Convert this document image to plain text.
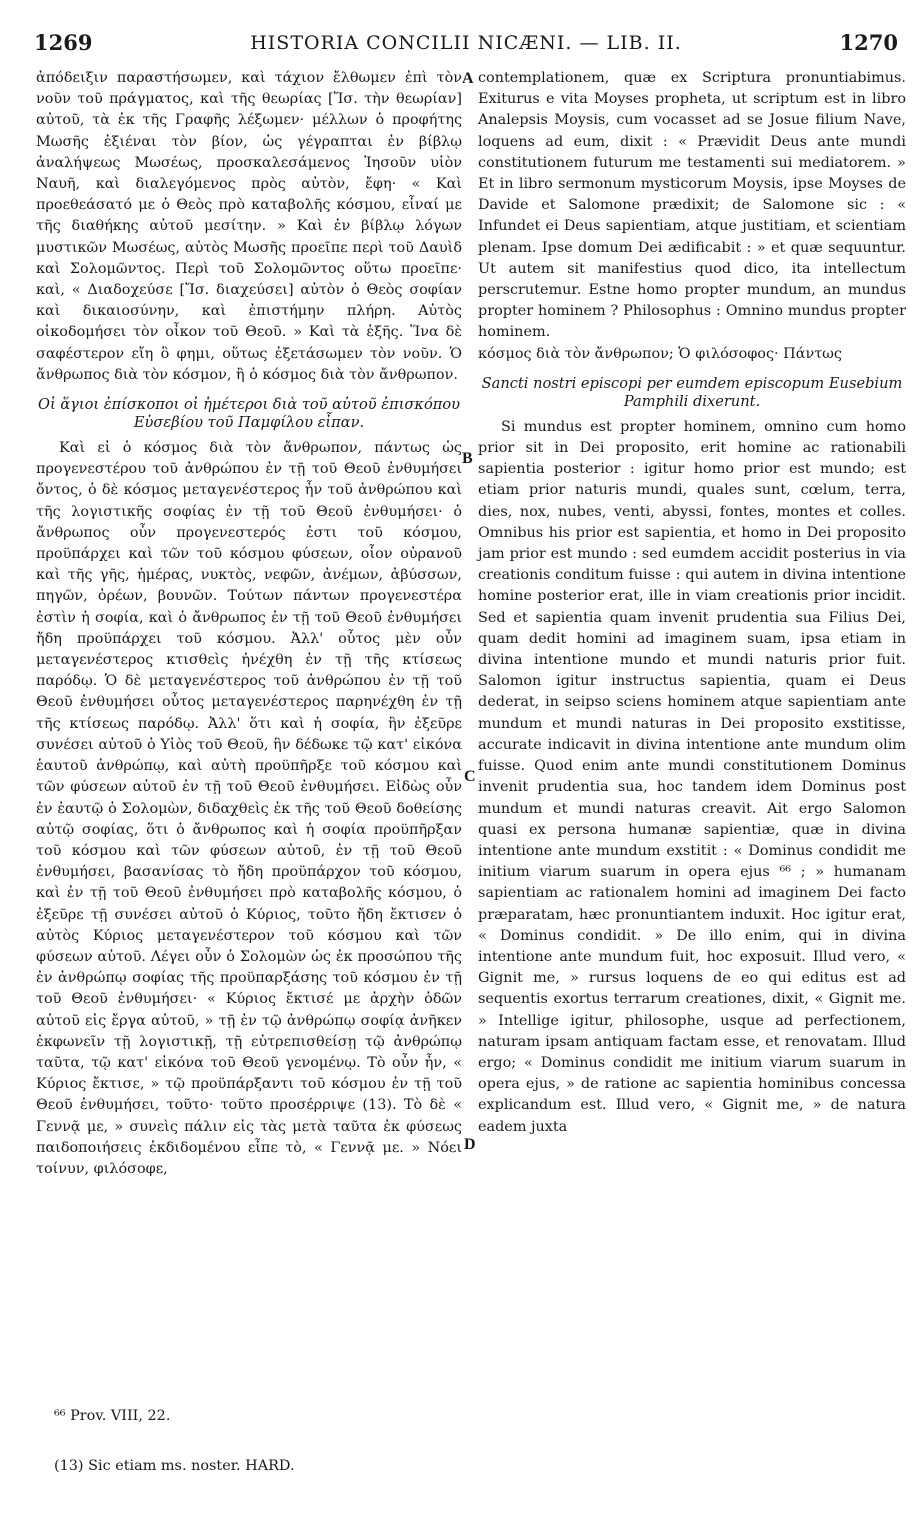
1269	HISTORIA CONCILII NICÆNI. — LIB. II.	1270

ἀπόδειξιν παραστήσωμεν, καὶ τάχιον ἔλθωμεν ἐπὶ τὸν νοῦν τοῦ πράγματος, καὶ τῆς θεωρίας [Ἴσ. τὴν θεωρίαν] αὐτοῦ, τὰ ἐκ τῆς Γραφῆς λέξωμεν· μέλλων ὁ προφήτης Μωσῆς ἐξιέναι τὸν βίον, ὡς γέγραπται ἐν βίβλῳ ἀναλήψεως Μωσέως, προσκαλεσάμενος Ἰησοῦν υἱὸν Ναυῆ, καὶ διαλεγόμενος πρὸς αὐτὸν, ἔφη· « Καὶ προεθεάσατό με ὁ Θεὸς πρὸ καταβολῆς κόσμου, εἶναί με τῆς διαθήκης αὐτοῦ μεσίτην. » Καὶ ἐν βίβλῳ λόγων μυστικῶν Μωσέως, αὐτὸς Μωσῆς προεῖπε περὶ τοῦ Δαυὶδ καὶ Σολομῶντος. Περὶ τοῦ Σολομῶντος οὕτω προεῖπε· καὶ, « Διαδοχεύσε [Ἴσ. διαχεύσει] αὐτὸν ὁ Θεὸς σοφίαν καὶ δικαιοσύνην, καὶ ἐπιστήμην πλήρη. Αὐτὸς οἰκοδομήσει τὸν οἶκον τοῦ Θεοῦ. » Καὶ τὰ ἑξῆς. Ἵνα δὲ σαφέστερον εἴη ὃ φημι, οὕτως ἐξετάσωμεν τὸν νοῦν. Ὁ ἄνθρωπος διὰ τὸν κόσμον, ἢ ὁ κόσμος διὰ τὸν ἄνθρωπον.

Οἱ ἅγιοι ἐπίσκοποι οἱ ἡμέτεροι διὰ τοῦ αὐτοῦ ἐπισκόπου Εὐσεβίου τοῦ Παμφίλου εἶπαν.

Καὶ εἰ ὁ κόσμος διὰ τὸν ἄνθρωπον, πάντως ὡς προγενεστέρου τοῦ ἀνθρώπου ἐν τῇ τοῦ Θεοῦ ἐνθυμήσει ὄντος, ὁ δὲ κόσμος μεταγενέστερος ἦν τοῦ ἀνθρώπου καὶ τῆς λογιστικῆς σοφίας ἐν τῇ τοῦ Θεοῦ ἐνθυμήσει· ὁ ἄνθρωπος οὖν προγενεστερός ἐστι τοῦ κόσμου, προϋπάρχει καὶ τῶν τοῦ κόσμου φύσεων, οἷον οὐρανοῦ καὶ τῆς γῆς, ἡμέρας, νυκτὸς, νεφῶν, ἀνέμων, ἀβύσσων, πηγῶν, ὀρέων, βουνῶν. Τούτων πάντων προγενεστέρα ἐστὶν ἡ σοφία, καὶ ὁ ἄνθρωπος ἐν τῇ τοῦ Θεοῦ ἐνθυμήσει ἤδη προϋπάρχει τοῦ κόσμου. Ἀλλ' οὗτος μὲν οὖν μεταγενέστερος κτισθεὶς ἠνέχθη ἐν τῇ τῆς κτίσεως παρόδῳ. Ὁ δὲ μεταγενέστερος τοῦ ἀνθρώπου ἐν τῇ τοῦ Θεοῦ ἐνθυμήσει οὗτος μεταγενέστερος παρηνέχθη ἐν τῇ τῆς κτίσεως παρόδῳ. Ἀλλ' ὅτι καὶ ἡ σοφία, ἣν ἐξεῦρε συνέσει αὐτοῦ ὁ Υἱὸς τοῦ Θεοῦ, ἣν δέδωκε τῷ κατ' εἰκόνα ἑαυτοῦ ἀνθρώπῳ, καὶ αὐτὴ προϋπῆρξε τοῦ κόσμου καὶ τῶν φύσεων αὐτοῦ ἐν τῇ τοῦ Θεοῦ ἐνθυμήσει. Εἰδὼς οὖν ἐν ἑαυτῷ ὁ Σολομὼν, διδαχθεὶς ἐκ τῆς τοῦ Θεοῦ δοθείσης αὐτῷ σοφίας, ὅτι ὁ ἄνθρωπος καὶ ἡ σοφία προϋπῆρξαν τοῦ κόσμου καὶ τῶν φύσεων αὐτοῦ, ἐν τῇ τοῦ Θεοῦ ἐνθυμήσει, βασανίσας τὸ ἤδη προϋπάρχον τοῦ κόσμου, καὶ ἐν τῇ τοῦ Θεοῦ ἐνθυμήσει πρὸ καταβολῆς κόσμου, ὁ ἐξεῦρε τῇ συνέσει αὐτοῦ ὁ Κύριος, τοῦτο ἤδη ἔκτισεν ὁ αὐτὸς Κύριος μεταγενέστερον τοῦ κόσμου καὶ τῶν φύσεων αὐτοῦ. Λέγει οὖν ὁ Σολομὼν ὡς ἐκ προσώπου τῆς ἐν ἀνθρώπῳ σοφίας τῆς προϋπαρξάσης τοῦ κόσμου ἐν τῇ τοῦ Θεοῦ ἐνθυμήσει· « Κύριος ἔκτισέ με ἀρχὴν ὁδῶν αὐτοῦ εἰς ἔργα αὐτοῦ, » τῇ ἐν τῷ ἀνθρώπῳ σοφίᾳ ἀνῆκεν ἐκφωνεῖν τῇ λογιστικῇ, τῇ εὐτρεπισθείσῃ τῷ ἀνθρώπῳ ταῦτα, τῷ κατ' εἰκόνα τοῦ Θεοῦ γενομένῳ. Τὸ οὖν ἦν, « Κύριος ἔκτισε, » τῷ προϋπάρξαντι τοῦ κόσμου ἐν τῇ τοῦ Θεοῦ ἐνθυμήσει, τοῦτο· τοῦτο προσέρριψε (13). Τὸ δὲ « Γεννᾷ με, » συνεὶς πάλιν εἰς τὰς μετὰ ταῦτα ἐκ φύσεως παιδοποιήσεις ἐκδιδομένου εἶπε τὸ, « Γεννᾷ με. » Νόει τοίνυν, φιλόσοφε,

contemplationem, quæ ex Scriptura pronuntiabimus. Exiturus e vita Moyses propheta, ut scriptum est in libro Analepsis Moysis, cum vocasset ad se Josue filium Nave, loquens ad eum, dixit : « Prævidit Deus ante mundi constitutionem futurum me testamenti sui mediatorem. » Et in libro sermonum mysticorum Moysis, ipse Moyses de Davide et Salomone prædixit; de Salomone sic : « Infundet ei Deus sapientiam, atque justitiam, et scientiam plenam. Ipse domum Dei ædificabit : » et quæ sequuntur. Ut autem sit manifestius quod dico, ita intellectum perscrutemur. Estne homo propter mundum, an mundus propter hominem ? Philosophus : Omnino mundus propter hominem.

κόσμος διὰ τὸν ἄνθρωπον; Ὁ φιλόσοφος· Πάντως

Sancti nostri episcopi per eumdem episcopum Eusebium Pamphili dixerunt.

Si mundus est propter hominem, omnino cum homo prior sit in Dei proposito, erit homine ac rationabili sapientia posterior : igitur homo prior est mundo; est etiam prior naturis mundi, quales sunt, cœlum, terra, dies, nox, nubes, venti, abyssi, fontes, montes et colles. Omnibus his prior est sapientia, et homo in Dei proposito jam prior est mundo : sed eumdem accidit posterius in via creationis conditum fuisse : qui autem in divina intentione homine posterior erat, ille in viam creationis prior incidit. Sed et sapientia quam invenit prudentia sua Filius Dei, quam dedit homini ad imaginem suam, ipsa etiam in divina intentione mundo et mundi naturis prior fuit. Salomon igitur instructus sapientia, quam ei Deus dederat, in seipso sciens hominem atque sapientiam ante mundum et mundi naturas in Dei proposito exstitisse, accurate indicavit in divina intentione ante mundum olim fuisse. Quod enim ante mundi constitutionem Dominus invenit prudentia sua, hoc tandem idem Dominus post mundum et mundi naturas creavit. Ait ergo Salomon quasi ex persona humanæ sapientiæ, quæ in divina intentione ante mundum exstitit : « Dominus condidit me initium viarum suarum in opera ejus ⁶⁶ ; » humanam sapientiam ac rationalem homini ad imaginem Dei facto præparatam, hæc pronuntiantem induxit. Hoc igitur erat, « Dominus condidit. » De illo enim, qui in divina intentione ante mundum fuit, hoc exposuit. Illud vero, « Gignit me, » rursus loquens de eo qui editus est ad sequentis exortus terrarum creationes, dixit, « Gignit me. » Intellige igitur, philosophe, usque ad perfectionem, naturam ipsam antiquam factam esse, et renovatam. Illud ergo; « Dominus condidit me initium viarum suarum in opera ejus, » de ratione ac sapientia hominibus concessa explicandum est. Illud vero, « Gignit me, » de natura eadem juxta

A
B
C
D

⁶⁶ Prov. VIII, 22.

(13) Sic etiam ms. noster. HARD.
